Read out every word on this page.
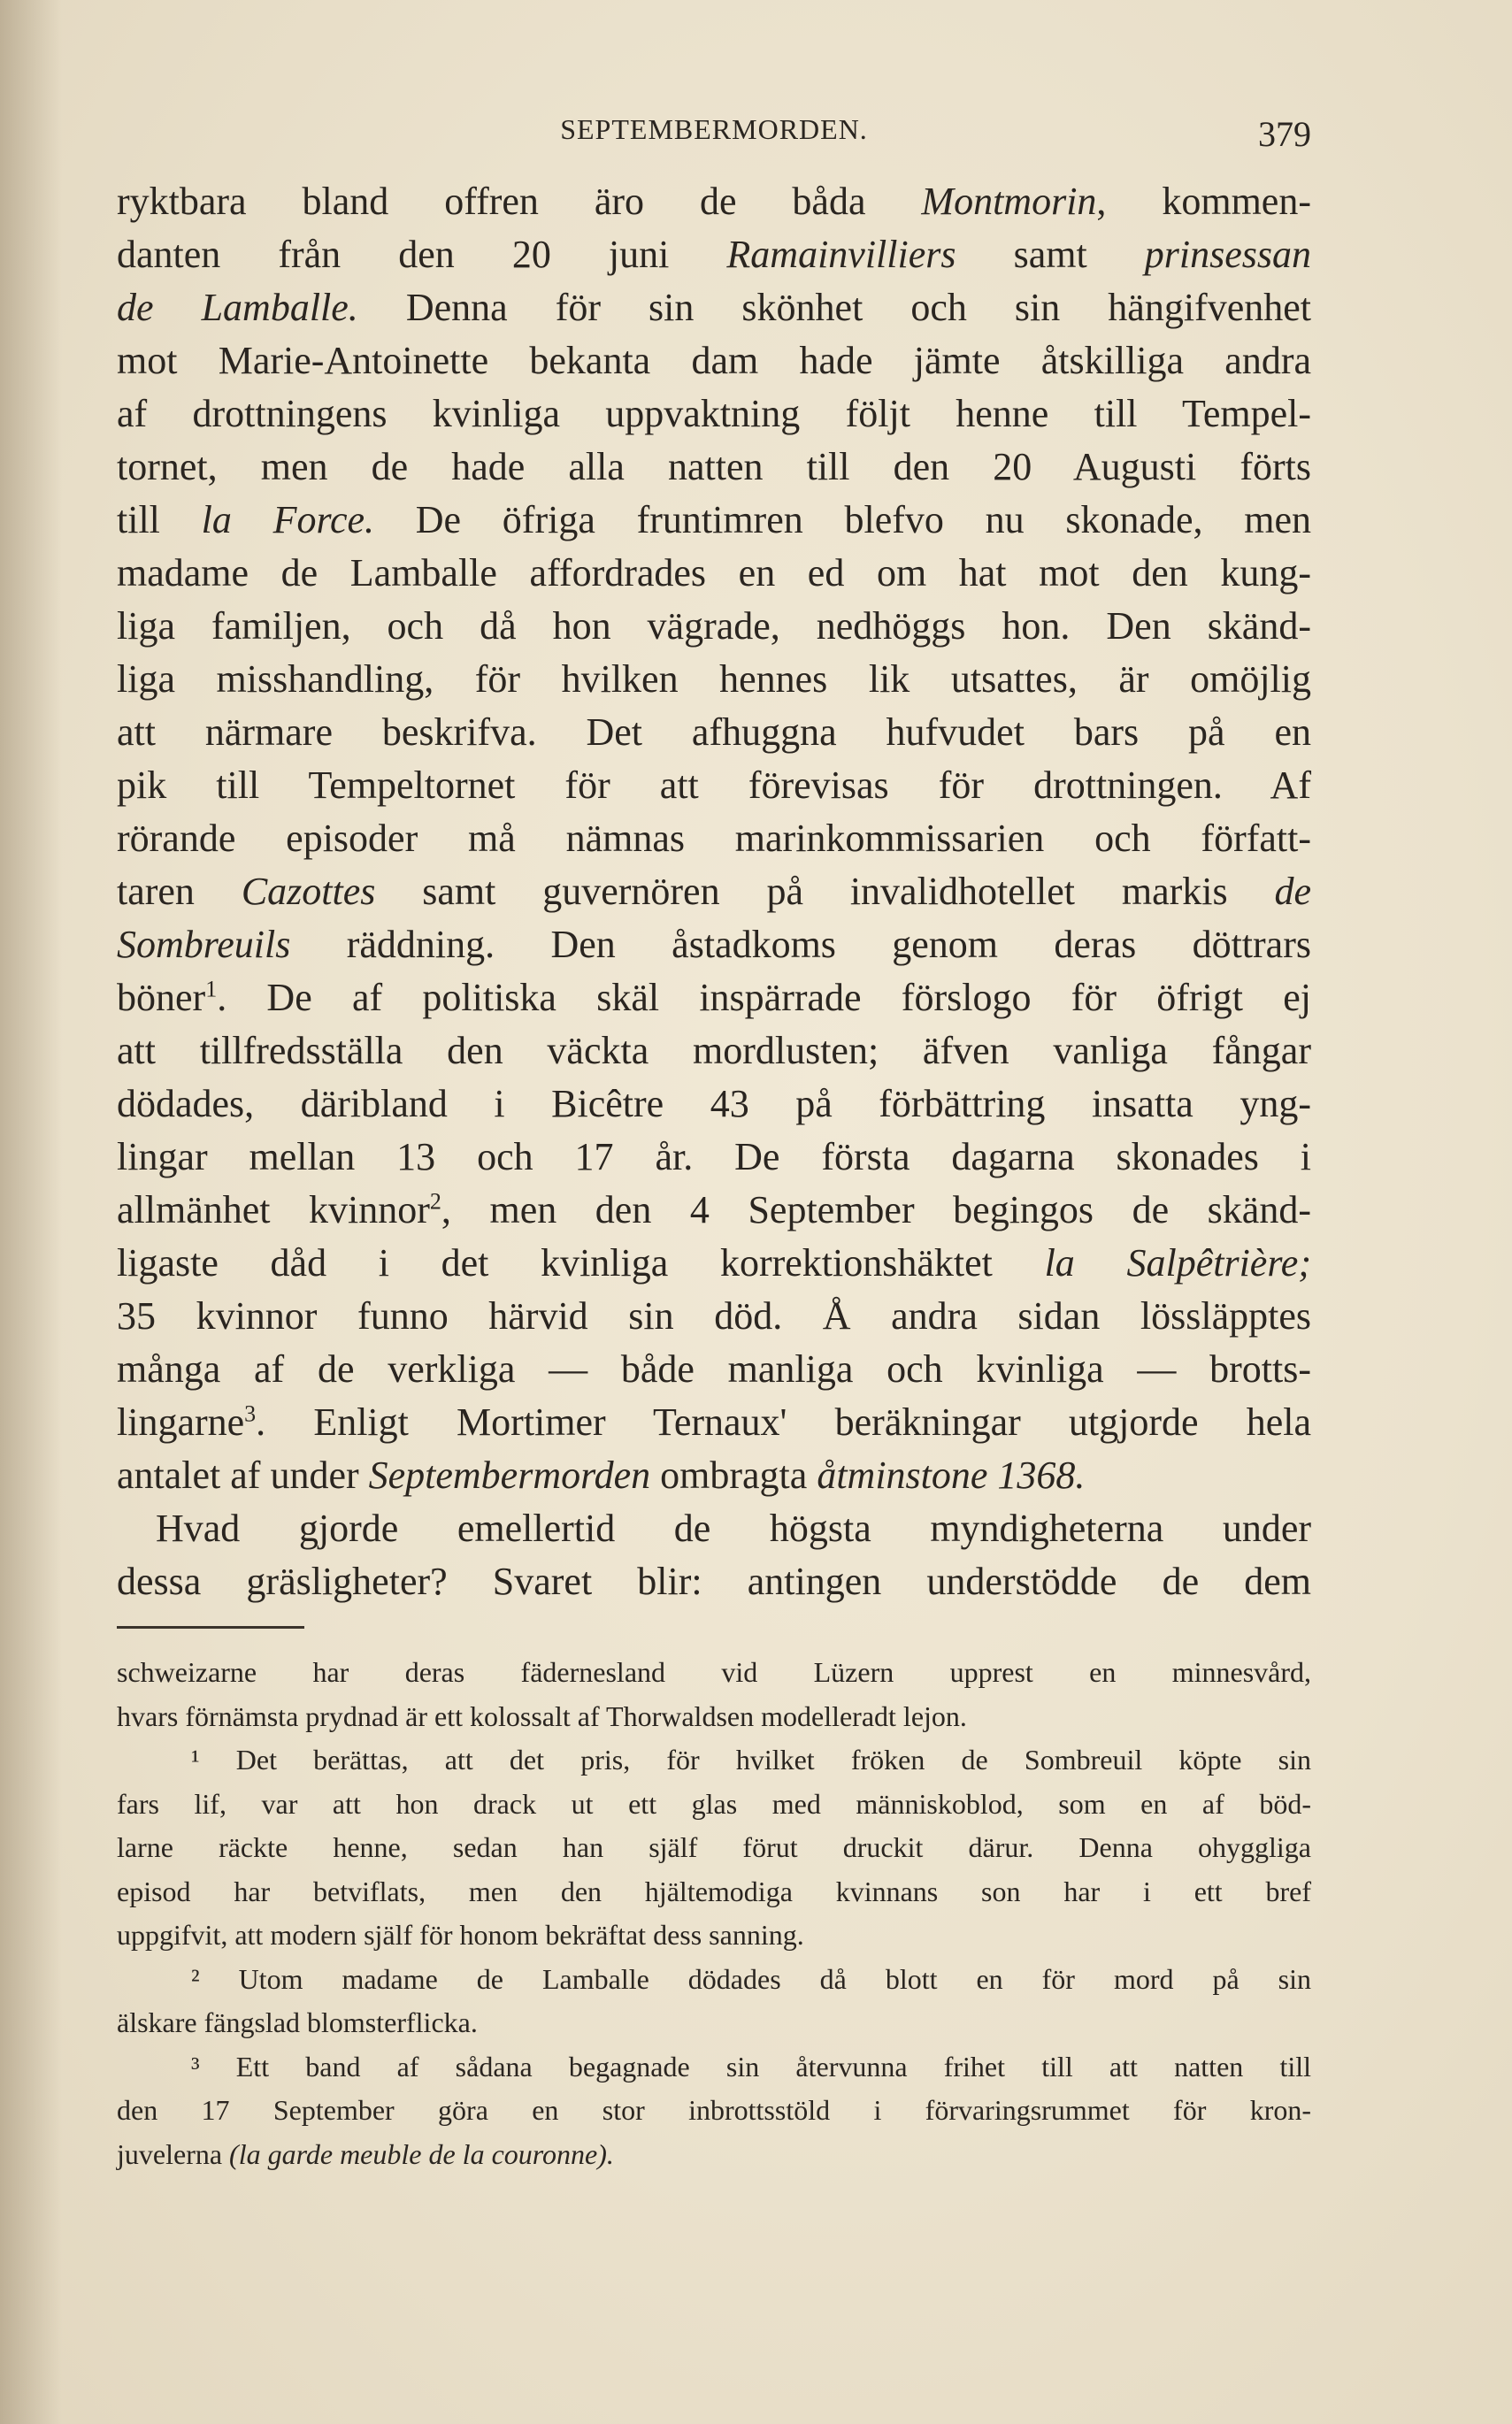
SEPTEMBERMORDEN.	379
ryktbara bland offren äro de båda Montmorin, kommen-
danten från den 20 juni Ramainvilliers samt prinsessan
de Lamballe. Denna för sin skönhet och sin hängifvenhet
mot Marie-Antoinette bekanta dam hade jämte åtskilliga andra
af drottningens kvinliga uppvaktning följt henne till Tempel-
tornet, men de hade alla natten till den 20 Augusti förts
till la Force. De öfriga fruntimren blefvo nu skonade, men
madame de Lamballe affordrades en ed om hat mot den kung-
liga familjen, och då hon vägrade, nedhöggs hon. Den skänd-
liga misshandling, för hvilken hennes lik utsattes, är omöjlig
att närmare beskrifva. Det afhuggna hufvudet bars på en
pik till Tempeltornet för att förevisas för drottningen. Af
rörande episoder må nämnas marinkommissarien och författ-
taren Cazottes samt guvernören på invalidhotellet markis de
Sombreuils räddning. Den åstadkoms genom deras döttrars
böner$^1$. De af politiska skäl inspärrade förslogo för öfrigt ej
att tillfredsställa den väckta mordlusten; äfven vanliga fångar
dödades, däribland i Bicêtre 43 på förbättring insatta yng-
lingar mellan 13 och 17 år. De första dagarna skonades i
allmänhet kvinnor$^2$, men den 4 September begingos de skänd-
ligaste dåd i det kvinliga korrektionshäktet la Salpêtrière;
35 kvinnor funno härvid sin död. Å andra sidan lössläpptes
många af de verkliga — både manliga och kvinliga — brotts-
lingarne$^3$. Enligt Mortimer Ternaux' beräkningar utgjorde hela
antalet af under Septembermorden ombragta åtminstone 1368.
Hvad gjorde emellertid de högsta myndigheterna under
dessa gräsligheter? Svaret blir: antingen understödde de dem
schweizarne har deras fädernesland vid Lüzern upprest en minnesvård,
hvars förnämsta prydnad är ett kolossalt af Thorwaldsen modelleradt lejon.
¹ Det berättas, att det pris, för hvilket fröken de Sombreuil köpte sin
fars lif, var att hon drack ut ett glas med människoblod, som en af böd-
larne räckte henne, sedan han själf förut druckit därur. Denna ohyggliga
episod har betviflats, men den hjältemodiga kvinnans son har i ett bref
uppgifvit, att modern själf för honom bekräftat dess sanning.
² Utom madame de Lamballe dödades då blott en för mord på sin
älskare fängslad blomsterflicka.
³ Ett band af sådana begagnade sin återvunna frihet till att natten till
den 17 September göra en stor inbrottsstöld i förvaringsrummet för kron-
juvelerna (la garde meuble de la couronne).
